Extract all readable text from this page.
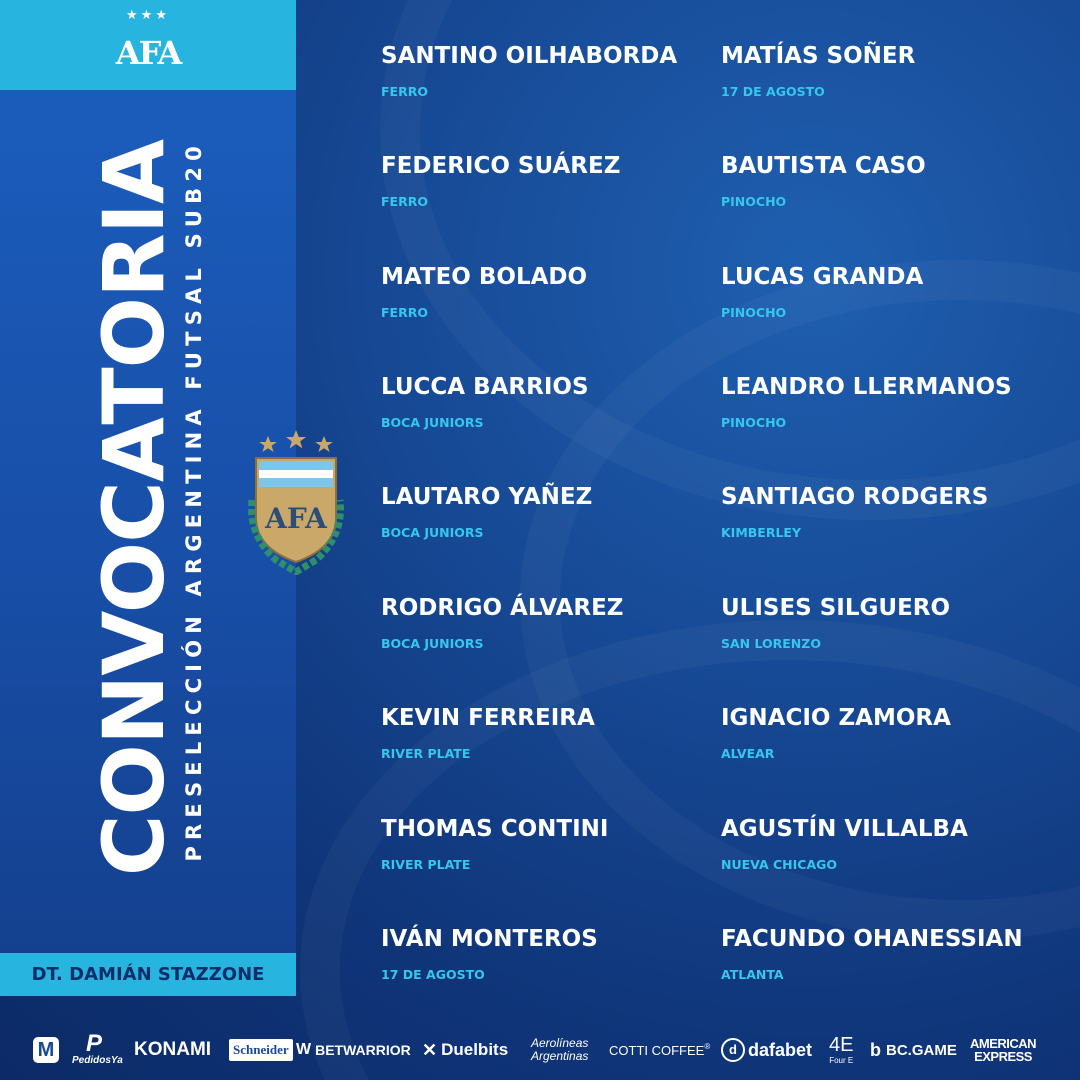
★★★
AFA
CONVOCATORIA PRESELECCIÓN ARGENTINA FUTSAL SUB20
DT. DAMIÁN STAZZONE
AFA
SANTINO OILHABORDA
FERRO
FEDERICO SUÁREZ
FERRO
MATEO BOLADO
FERRO
LUCCA BARRIOS
BOCA JUNIORS
LAUTARO YAÑEZ
BOCA JUNIORS
RODRIGO ÁLVAREZ
BOCA JUNIORS
KEVIN FERREIRA
RIVER PLATE
THOMAS CONTINI
RIVER PLATE
IVÁN MONTEROS
17 DE AGOSTO
MATÍAS SOÑER
17 DE AGOSTO
BAUTISTA CASO
PINOCHO
LUCAS GRANDA
PINOCHO
LEANDRO LLERMANOS
PINOCHO
SANTIAGO RODGERS
KIMBERLEY
ULISES SILGUERO
SAN LORENZO
IGNACIO ZAMORA
ALVEAR
AGUSTÍN VILLALBA
NUEVA CHICAGO
FACUNDO OHANESSIAN
ATLANTA
M P
PedidosYa
KONAMI	Schneider W BETWARRIOR ✕ Duelbits Aerolíneas
Argentinas COTTI COFFEE ®	d dafabet 4E
Four E
b BC.GAME AMERICAN
EXPRESS
